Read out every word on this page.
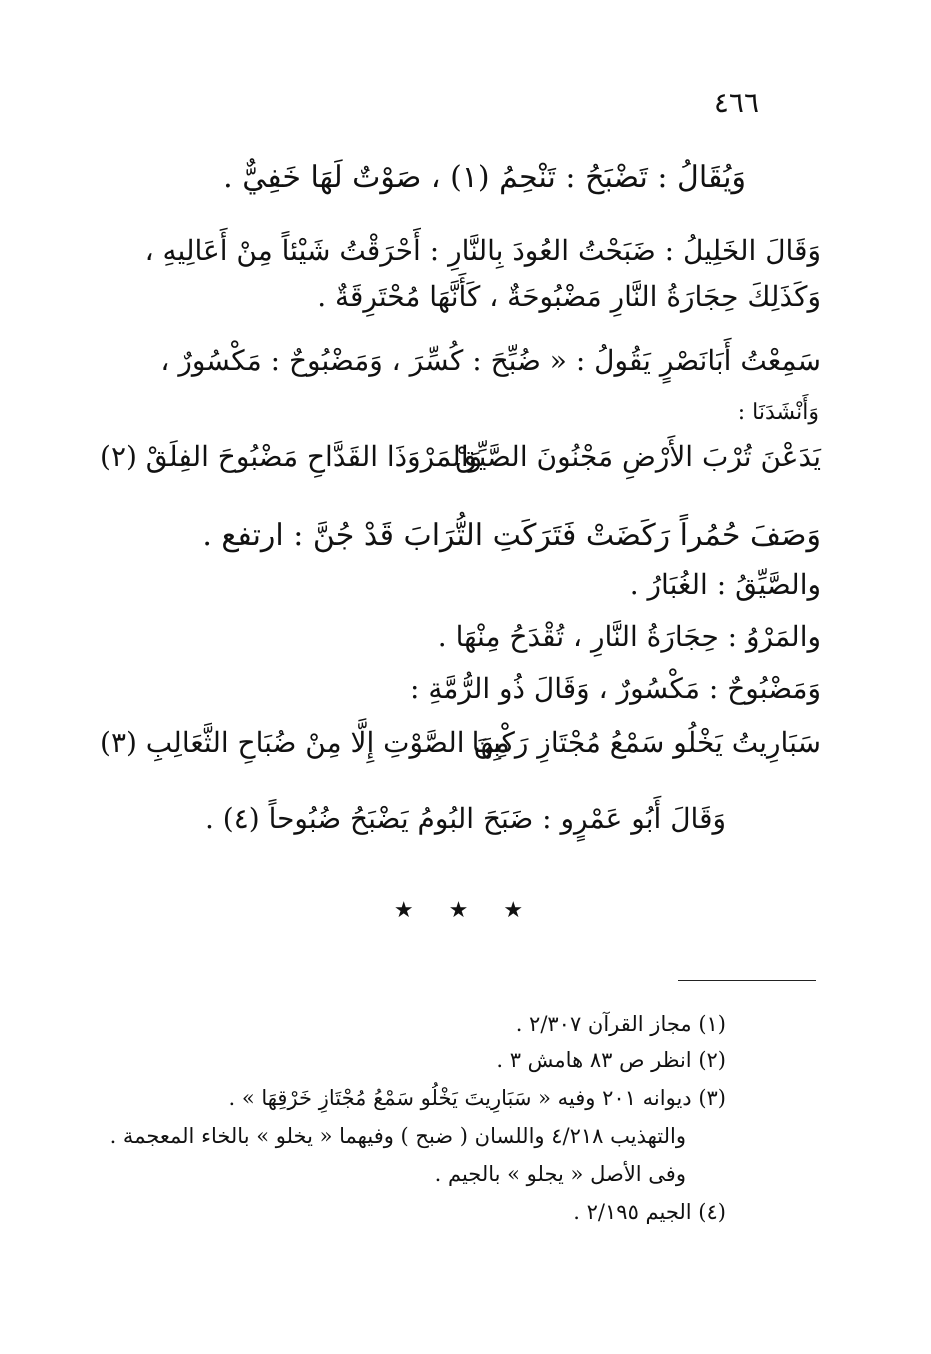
٤٦٦
وَيُقَالُ : تَضْبَحُ : تَنْحِمُ (١) ، صَوْتٌ لَهَا خَفِيٌّ .
وَقَالَ الخَلِيلُ : ضَبَحْتُ العُودَ بِالنَّارِ : أَحْرَقْتُ شَيْئاً مِنْ أَعَالِيهِ ،
وَكَذَلِكَ حِجَارَةُ النَّارِ مَضْبُوحَةٌ ، كَأَنَّهَا مُحْتَرِقَةٌ .
سَمِعْتُ أَبَانَصْرٍ يَقُولُ : « ضُبِّحَ : كُسِّرَ ، وَمَضْبُوحٌ : مَكْسُورٌ ،
وَأَنْشَدَنَا :
يَدَعْنَ تُرْبَ الأَرْضِ مَجْنُونَ الصَّيِّقْ
وَالمَرْوَذَا القَدَّاحِ مَضْبُوحَ الفِلَقْ (٢)
وَصَفَ حُمُراً رَكَضَتْ فَتَرَكَتِ التُّرَابَ قَدْ جُنَّ : ارتفع .
والصَّيِّقُ : الغُبَارُ .
والمَرْوُ : حِجَارَةُ النَّارِ ، تُقْدَحُ مِنْهَا .
وَمَضْبُوحٌ : مَكْسُورٌ ، وَقَالَ ذُو الرُّمَّةِ :
سَبَارِيتُ يَخْلُو سَمْعُ مُجْتَازِ رَكْبِهَا
مِنَ الصَّوْتِ إِلَّا مِنْ ضُبَاحِ الثَّعَالِبِ (٣)
وَقَالَ أَبُو عَمْرٍو : ضَبَحَ البُومُ يَضْبَحُ ضُبُوحاً (٤) .
★ ★ ★
(١) مجاز القرآن ٢/٣٠٧ .
(٢) انظر ص ٨٣ هامش ٣ .
(٣) ديوانه ٢٠١ وفيه « سَبَارِيتَ يَخْلُو سَمْعُ مُجْتَازِ خَرْقِهَا » .
والتهذيب ٤/٢١٨ واللسان ( ضبح ) وفيهما « يخلو » بالخاء المعجمة .
وفى الأصل « يجلو » بالجيم .
(٤) الجيم ٢/١٩٥ .
